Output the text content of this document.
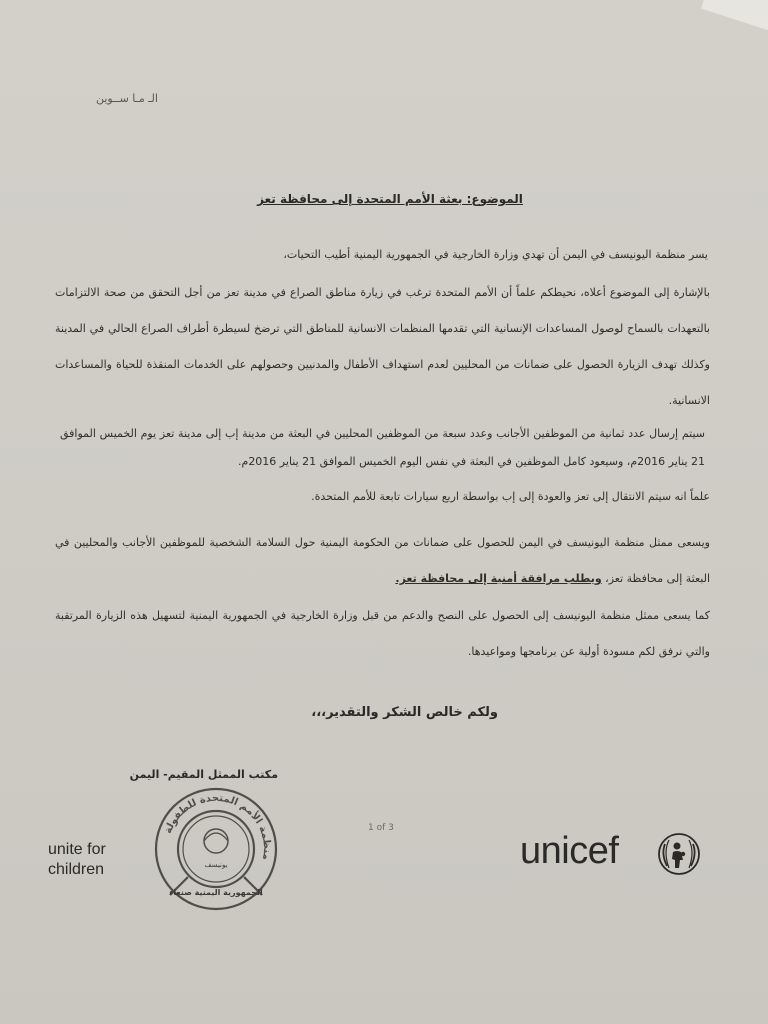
الـ مـا ســوين
الموضوع: بعثة الأمم المتحدة إلى محافظة تعز
يسر منظمة اليونيسف في اليمن أن تهدي وزارة الخارجية في الجمهورية اليمنية أطيب التحيات،
بالإشارة إلى الموضوع أعلاه، نحيطكم علماً أن الأمم المتحدة ترغب في زيارة مناطق الصراع في مدينة تعز من أجل التحقق من صحة الالتزامات بالتعهدات بالسماح لوصول المساعدات الإنسانية التي تقدمها المنظمات الانسانية للمناطق التي ترضخ لسيطرة أطراف الصراع الحالي في المدينة وكذلك تهدف الزيارة الحصول على ضمانات من المحليين لعدم استهداف الأطفال والمدنيين وحصولهم على الخدمات المنقذة للحياة والمساعدات الانسانية.
سيتم إرسال عدد ثمانية من الموظفين الأجانب وعدد سبعة من الموظفين المحليين في البعثة من مدينة إب إلى مدينة تعز يوم الخميس الموافق 21 يناير 2016م، وسيعود كامل الموظفين في البعثة في نفس اليوم الخميس الموافق 21 يناير 2016م.
علماً انه سيتم الانتقال إلى تعز والعودة إلى إب بواسطة اربع سيارات تابعة للأمم المتحدة.
ويسعى ممثل منظمة اليونيسف في اليمن للحصول على ضمانات من الحكومة اليمنية حول السلامة الشخصية للموظفين الأجانب والمحليين في البعثة إلى محافظة تعز، ويطلب مرافقة أمنية إلى محافظة تعز.
كما يسعى ممثل منظمة اليونيسف إلى الحصول على النصح والدعم من قبل وزارة الخارجية في الجمهورية اليمنية لتسهيل هذه الزيارة المرتقبة والتي نرفق لكم مسودة أولية عن برنامجها ومواعيدها.
ولكم خالص الشكر والتقدير،،،
مكتب الممثل المقيم- اليمن
منظمة الأمم المتحدة للطفولة
يونيسف
الجمهورية اليمنية صنعاء
1 of 3
unite for
children	unicef
